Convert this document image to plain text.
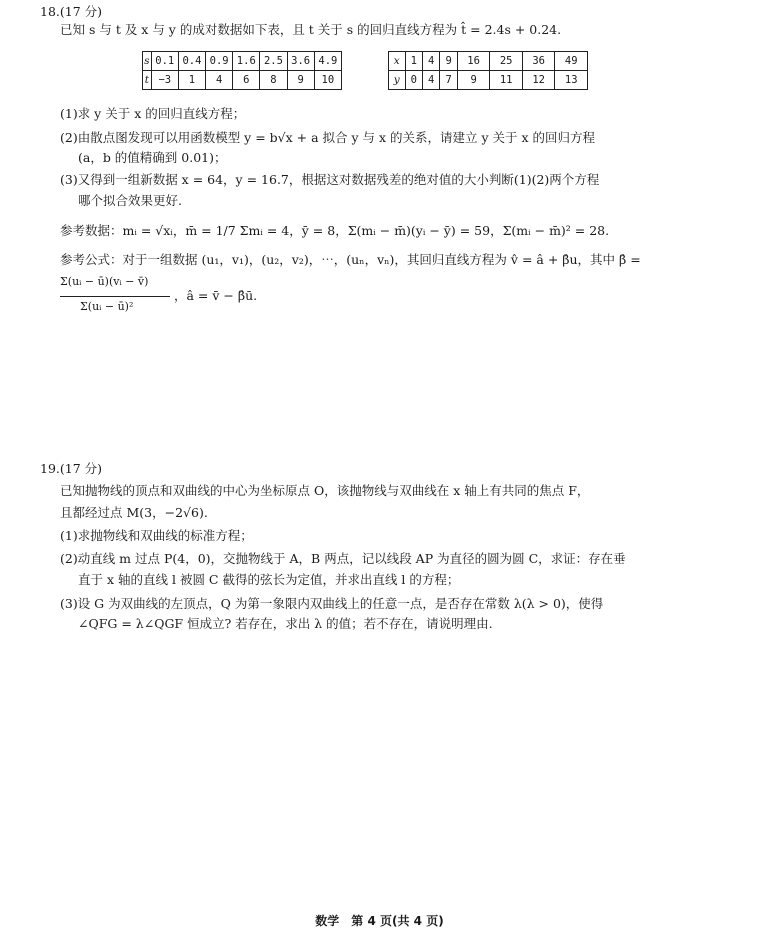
18.(17 分)
已知 s 与 t 及 x 与 y 的成对数据如下表，且 t 关于 s 的回归直线方程为 t̂ = 2.4s + 0.24.
s	0.1	0.4	0.9	1.6	2.5	3.6	4.9
t	−3	1	4	6	8	9	10
x	1	4	9	16	25	36	49
y	0	4	7	9	11	12	13
(1)求 y 关于 x 的回归直线方程；
(2)由散点图发现可以用函数模型 y = b√x + a 拟合 y 与 x 的关系，请建立 y 关于 x 的回归方程
(a，b 的值精确到 0.01)；
(3)又得到一组新数据 x = 64，y = 16.7，根据这对数据残差的绝对值的大小判断(1)(2)两个方程
哪个拟合效果更好.
参考数据：mᵢ = √xᵢ，m̄ = 1/7 Σmᵢ = 4，ȳ = 8，Σ(mᵢ − m̄)(yᵢ − ȳ) = 59，Σ(mᵢ − m̄)² = 28.
参考公式：对于一组数据 (u₁，v₁)，(u₂，v₂)，⋯，(uₙ，vₙ)，其回归直线方程为 v̂ = â + β̂u，其中 β̂ =
Σ(uᵢ − ū)(vᵢ − v̄)
Σ(uᵢ − ū)²
，â = v̄ − β̂ū.
19.(17 分)
已知抛物线的顶点和双曲线的中心为坐标原点 O，该抛物线与双曲线在 x 轴上有共同的焦点 F，
且都经过点 M(3，−2√6).
(1)求抛物线和双曲线的标准方程；
(2)动直线 m 过点 P(4，0)，交抛物线于 A，B 两点，记以线段 AP 为直径的圆为圆 C，求证：存在垂
直于 x 轴的直线 l 被圆 C 截得的弦长为定值，并求出直线 l 的方程；
(3)设 G 为双曲线的左顶点，Q 为第一象限内双曲线上的任意一点，是否存在常数 λ(λ > 0)，使得
∠QFG = λ∠QGF 恒成立? 若存在，求出 λ 的值；若不存在，请说明理由.
数学　第 4 页(共 4 页)
